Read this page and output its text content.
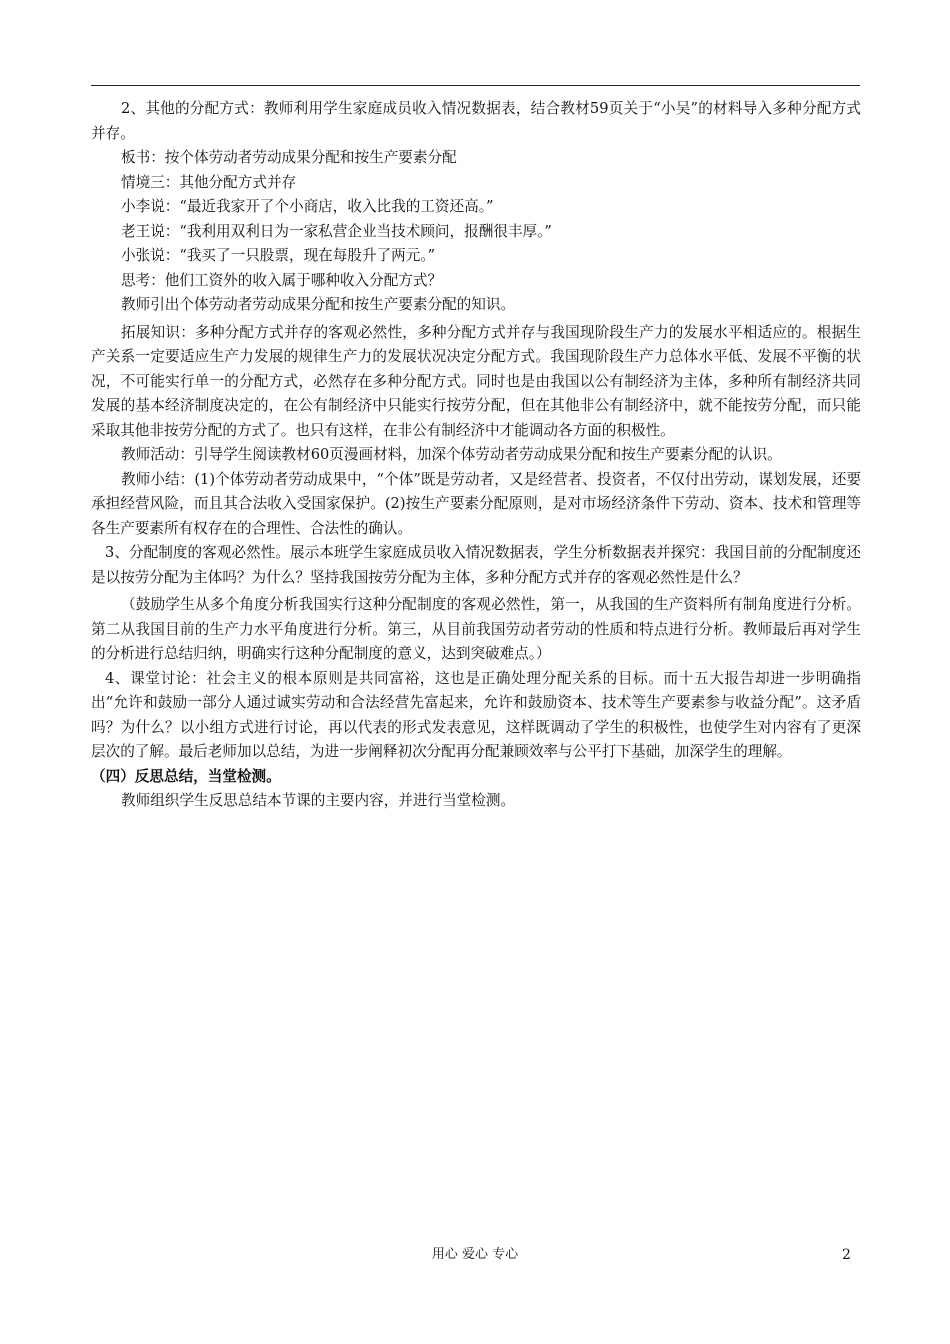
2、其他的分配方式：教师利用学生家庭成员收入情况数据表，结合教材59页关于“小吴”的材料导入多种分配方式并存。

板书：按个体劳动者劳动成果分配和按生产要素分配

情境三：其他分配方式并存

小李说：“最近我家开了个小商店，收入比我的工资还高。”

老王说：“我利用双利日为一家私营企业当技术顾问，报酬很丰厚。”

小张说：“我买了一只股票，现在每股升了两元。”

思考：他们工资外的收入属于哪种收入分配方式？

教师引出个体劳动者劳动成果分配和按生产要素分配的知识。

拓展知识：多种分配方式并存的客观必然性，多种分配方式并存与我国现阶段生产力的发展水平相适应的。根据生产关系一定要适应生产力发展的规律生产力的发展状况决定分配方式。我国现阶段生产力总体水平低、发展不平衡的状况，不可能实行单一的分配方式，必然存在多种分配方式。同时也是由我国以公有制经济为主体，多种所有制经济共同发展的基本经济制度决定的，在公有制经济中只能实行按劳分配，但在其他非公有制经济中，就不能按劳分配，而只能采取其他非按劳分配的方式了。也只有这样，在非公有制经济中才能调动各方面的积极性。

教师活动：引导学生阅读教材60页漫画材料，加深个体劳动者劳动成果分配和按生产要素分配的认识。

教师小结：(1)个体劳动者劳动成果中，“个体”既是劳动者，又是经营者、投资者，不仅付出劳动，谋划发展，还要承担经营风险，而且其合法收入受国家保护。(2)按生产要素分配原则，是对市场经济条件下劳动、资本、技术和管理等各生产要素所有权存在的合理性、合法性的确认。

3、分配制度的客观必然性。展示本班学生家庭成员收入情况数据表，学生分析数据表并探究：我国目前的分配制度还是以按劳分配为主体吗？为什么？坚持我国按劳分配为主体，多种分配方式并存的客观必然性是什么？

（鼓励学生从多个角度分析我国实行这种分配制度的客观必然性，第一，从我国的生产资料所有制角度进行分析。第二从我国目前的生产力水平角度进行分析。第三，从目前我国劳动者劳动的性质和特点进行分析。教师最后再对学生的分析进行总结归纳，明确实行这种分配制度的意义，达到突破难点。）

4、课堂讨论：社会主义的根本原则是共同富裕，这也是正确处理分配关系的目标。而十五大报告却进一步明确指出“允许和鼓励一部分人通过诚实劳动和合法经营先富起来，允许和鼓励资本、技术等生产要素参与收益分配”。这矛盾吗？为什么？以小组方式进行讨论，再以代表的形式发表意见，这样既调动了学生的积极性，也使学生对内容有了更深层次的了解。最后老师加以总结，为进一步阐释初次分配再分配兼顾效率与公平打下基础，加深学生的理解。

（四）反思总结，当堂检测。

教师组织学生反思总结本节课的主要内容，并进行当堂检测。

用心 爱心 专心	2
